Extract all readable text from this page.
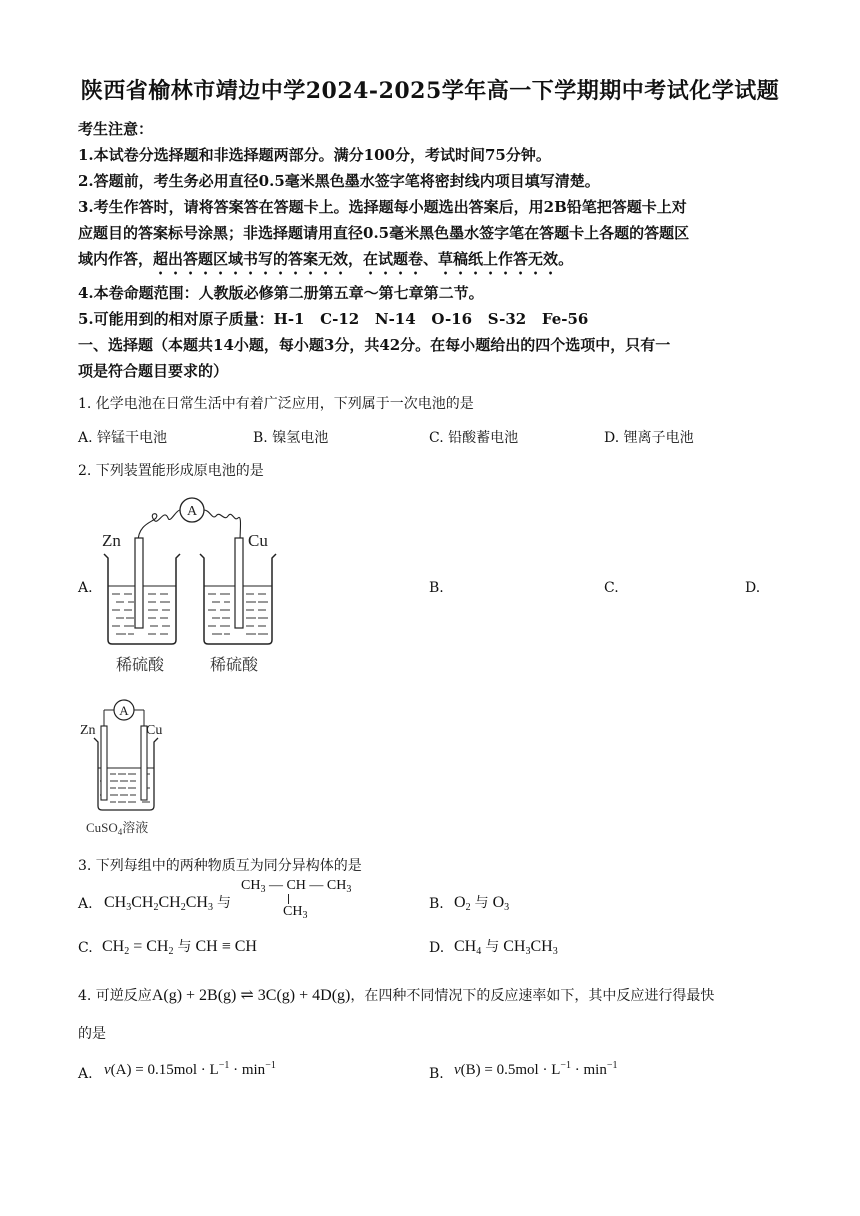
陕西省榆林市靖边中学2024-2025学年高一下学期期中考试化学试题
考生注意：
1.本试卷分选择题和非选择题两部分。满分100分，考试时间75分钟。
2.答题前，考生务必用直径0.5毫米黑色墨水签字笔将密封线内项目填写清楚。
3.考生作答时，请将答案答在答题卡上。选择题每小题选出答案后，用2B铅笔把答题卡上对
应题目的答案标号涂黑；非选择题请用直径0.5毫米黑色墨水签字笔在答题卡上各题的答题区
域内作答，超出答题区域书写的答案无效，在试题卷、草稿纸上作答无效。
4.本卷命题范围：人教版必修第二册第五章～第七章第二节。
5.可能用到的相对原子质量：H-1   C-12   N-14   O-16   S-32   Fe-56
一、选择题（本题共14小题，每小题3分，共42分。在每小题给出的四个选项中，只有一
项是符合题目要求的）
1. 化学电池在日常生活中有着广泛应用，下列属于一次电池的是
A. 锌锰干电池	B. 镍氢电池	C. 铅酸蓄电池	D. 锂离子电池
2. 下列装置能形成原电池的是
A.	B.	C.	D.
A
Zn	Cu
稀硫酸	稀硫酸
A
Zn	Cu
CuSO$_4$溶液
3. 下列每组中的两种物质互为同分异构体的是
A. $CH_3CH_2CH_2CH_3$ 与
$CH_3$ — CH — $CH_3$
$CH_3$
B. $O_2$ 与 $O_3$
C. $CH_2 = CH_2$ 与 CH ≡ CH	D. $CH_4$ 与 $CH_3CH_3$
4. 可逆反应A(g) + 2B(g) ⇌ 3C(g) + 4D(g)，在四种不同情况下的反应速率如下，其中反应进行得最快
的是
A. $v(A) = 0.15mol \cdot L^{-1} \cdot \min^{-1}$
B. $v(B) = 0.5mol \cdot L^{-1} \cdot \min^{-1}$
